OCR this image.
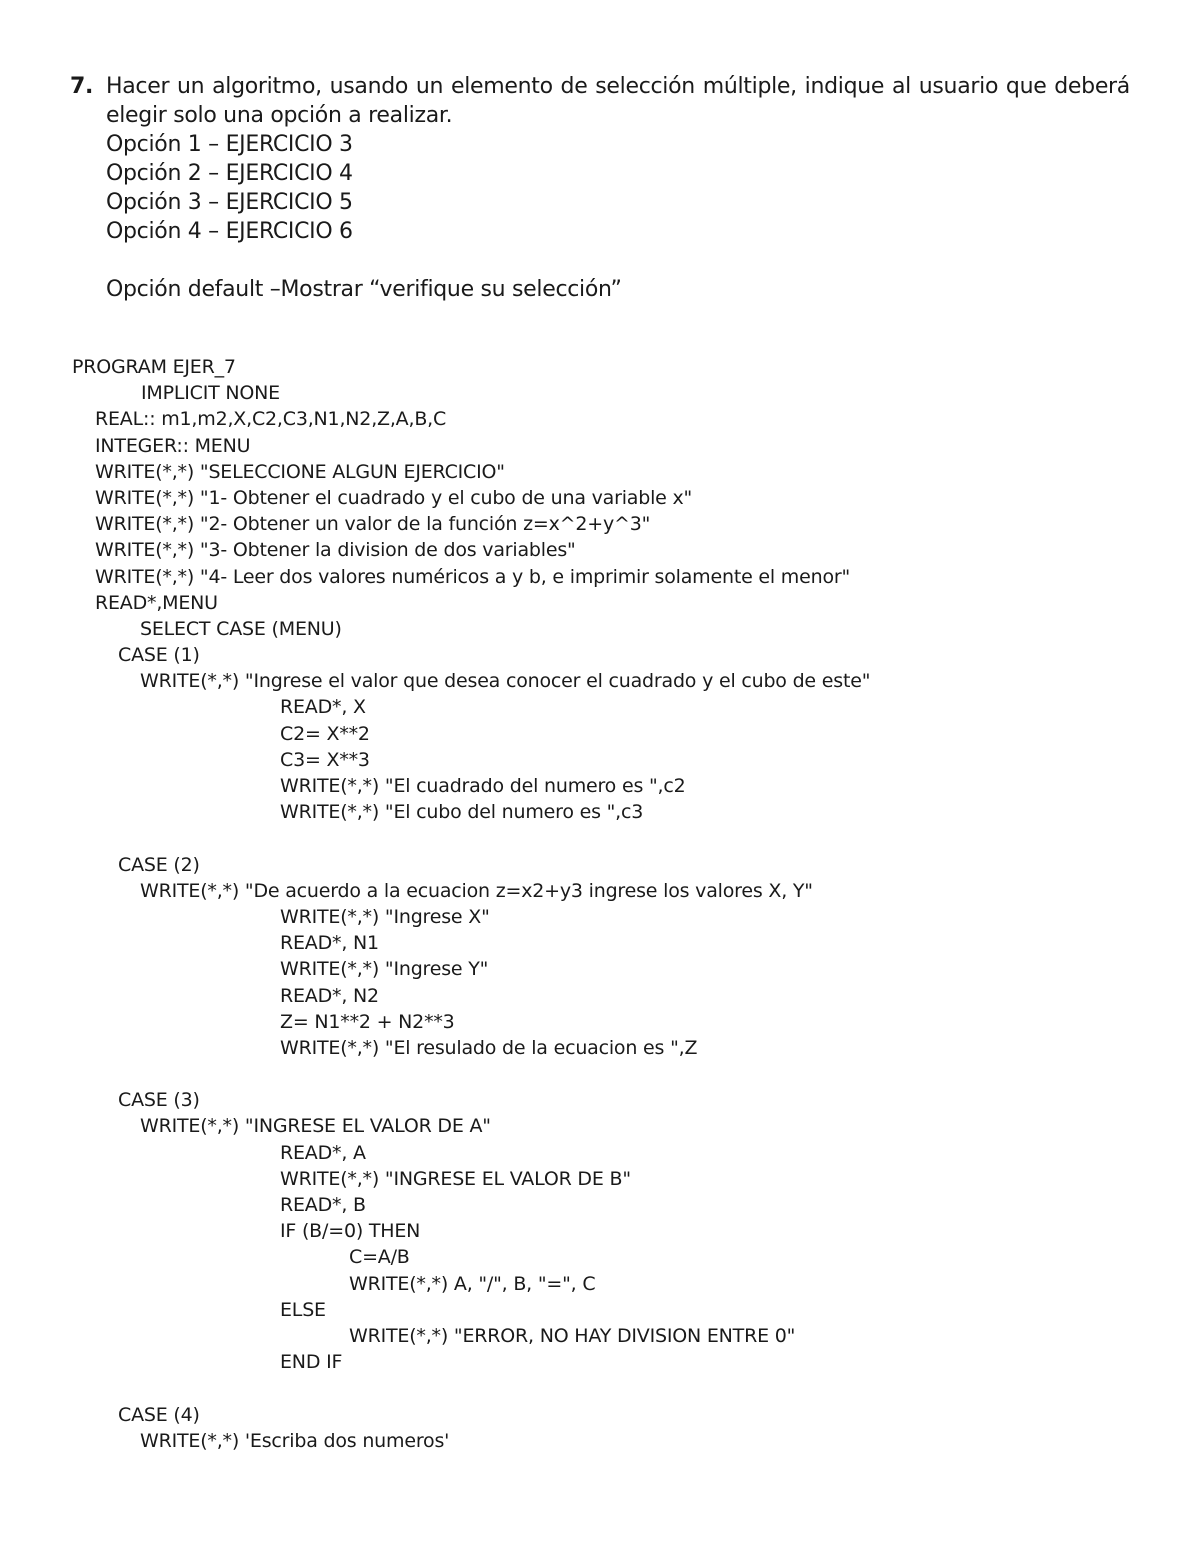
7. Hacer un algoritmo, usando un elemento de selección múltiple, indique al usuario que deberá elegir solo una opción a realizar.
Opción 1 – EJERCICIO 3
Opción 2 – EJERCICIO 4
Opción 3 – EJERCICIO 5
Opción 4 – EJERCICIO 6
Opción default –Mostrar “verifique su selección”
PROGRAM EJER_7
IMPLICIT NONE
REAL:: m1,m2,X,C2,C3,N1,N2,Z,A,B,C
INTEGER:: MENU
WRITE(*,*) "SELECCIONE ALGUN EJERCICIO"
WRITE(*,*) "1- Obtener el cuadrado y el cubo de una variable x"
WRITE(*,*) "2- Obtener un valor de la función z=x^2+y^3"
WRITE(*,*) "3- Obtener la division de dos variables"
WRITE(*,*) "4- Leer dos valores numéricos a y b, e imprimir solamente el menor"
READ*,MENU
SELECT CASE (MENU)
CASE (1)
WRITE(*,*) "Ingrese el valor que desea conocer el cuadrado y el cubo de este"
READ*, X
C2= X**2
C3= X**3
WRITE(*,*) "El cuadrado del numero es ",c2
WRITE(*,*) "El cubo del numero es ",c3
CASE (2)
WRITE(*,*) "De acuerdo a la ecuacion z=x2+y3 ingrese los valores X, Y"
WRITE(*,*) "Ingrese X"
READ*, N1
WRITE(*,*) "Ingrese Y"
READ*, N2
Z= N1**2 + N2**3
WRITE(*,*) "El resulado de la ecuacion es ",Z
CASE (3)
WRITE(*,*) "INGRESE EL VALOR DE A"
READ*, A
WRITE(*,*) "INGRESE EL VALOR DE B"
READ*, B
IF (B/=0) THEN
C=A/B
WRITE(*,*) A, "/", B, "=", C
ELSE
WRITE(*,*) "ERROR, NO HAY DIVISION ENTRE 0"
END IF
CASE (4)
WRITE(*,*) 'Escriba dos numeros'
